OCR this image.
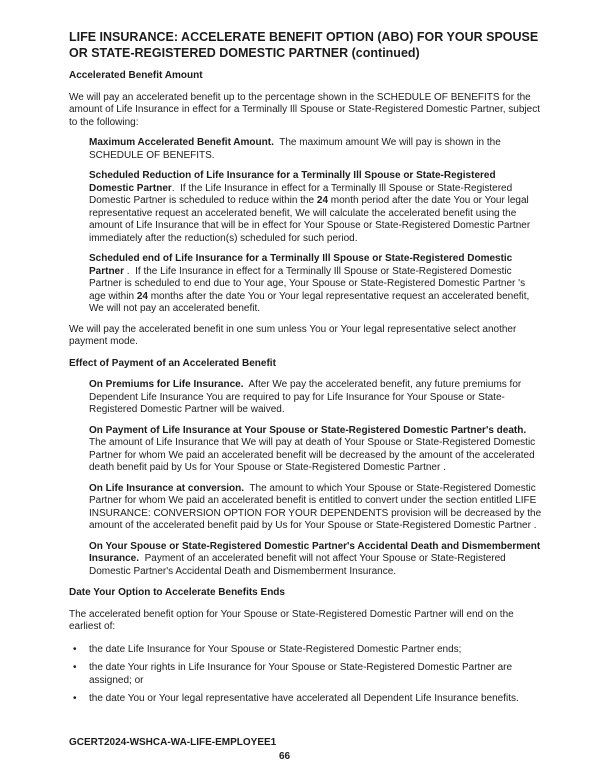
LIFE INSURANCE: ACCELERATE BENEFIT OPTION (ABO) FOR YOUR SPOUSE
OR STATE-REGISTERED DOMESTIC PARTNER (continued)
Accelerated Benefit Amount

We will pay an accelerated benefit up to the percentage shown in the SCHEDULE OF BENEFITS for the amount of Life Insurance in effect for a Terminally Ill Spouse or State-Registered Domestic Partner, subject to the following:

Maximum Accelerated Benefit Amount.  The maximum amount We will pay is shown in the SCHEDULE OF BENEFITS.

Scheduled Reduction of Life Insurance for a Terminally Ill Spouse or State-Registered Domestic Partner.  If the Life Insurance in effect for a Terminally Ill Spouse or State-Registered Domestic Partner is scheduled to reduce within the 24 month period after the date You or Your legal representative request an accelerated benefit, We will calculate the accelerated benefit using the amount of Life Insurance that will be in effect for Your Spouse or State-Registered Domestic Partner immediately after the reduction(s) scheduled for such period.

Scheduled end of Life Insurance for a Terminally Ill Spouse or State-Registered Domestic Partner .  If the Life Insurance in effect for a Terminally Ill Spouse or State-Registered Domestic Partner is scheduled to end due to Your age, Your Spouse or State-Registered Domestic Partner 's age within 24 months after the date You or Your legal representative request an accelerated benefit, We will not pay an accelerated benefit.

We will pay the accelerated benefit in one sum unless You or Your legal representative select another payment mode.

Effect of Payment of an Accelerated Benefit

On Premiums for Life Insurance.  After We pay the accelerated benefit, any future premiums for Dependent Life Insurance You are required to pay for Life Insurance for Your Spouse or State-Registered Domestic Partner will be waived.

On Payment of Life Insurance at Your Spouse or State-Registered Domestic Partner's death.  The amount of Life Insurance that We will pay at death of Your Spouse or State-Registered Domestic Partner for whom We paid an accelerated benefit will be decreased by the amount of the accelerated death benefit paid by Us for Your Spouse or State-Registered Domestic Partner .

On Life Insurance at conversion.  The amount to which Your Spouse or State-Registered Domestic Partner for whom We paid an accelerated benefit is entitled to convert under the section entitled LIFE INSURANCE: CONVERSION OPTION FOR YOUR DEPENDENTS provision will be decreased by the amount of the accelerated benefit paid by Us for Your Spouse or State-Registered Domestic Partner .

On Your Spouse or State-Registered Domestic Partner's Accidental Death and Dismemberment Insurance.  Payment of an accelerated benefit will not affect Your Spouse or State-Registered Domestic Partner's Accidental Death and Dismemberment Insurance.

Date Your Option to Accelerate Benefits Ends

The accelerated benefit option for Your Spouse or State-Registered Domestic Partner will end on the earliest of:

• the date Life Insurance for Your Spouse or State-Registered Domestic Partner ends;
• the date Your rights in Life Insurance for Your Spouse or State-Registered Domestic Partner are assigned; or
• the date You or Your legal representative have accelerated all Dependent Life Insurance benefits.
GCERT2024-WSHCA-WA-LIFE-EMPLOYEE1
66
